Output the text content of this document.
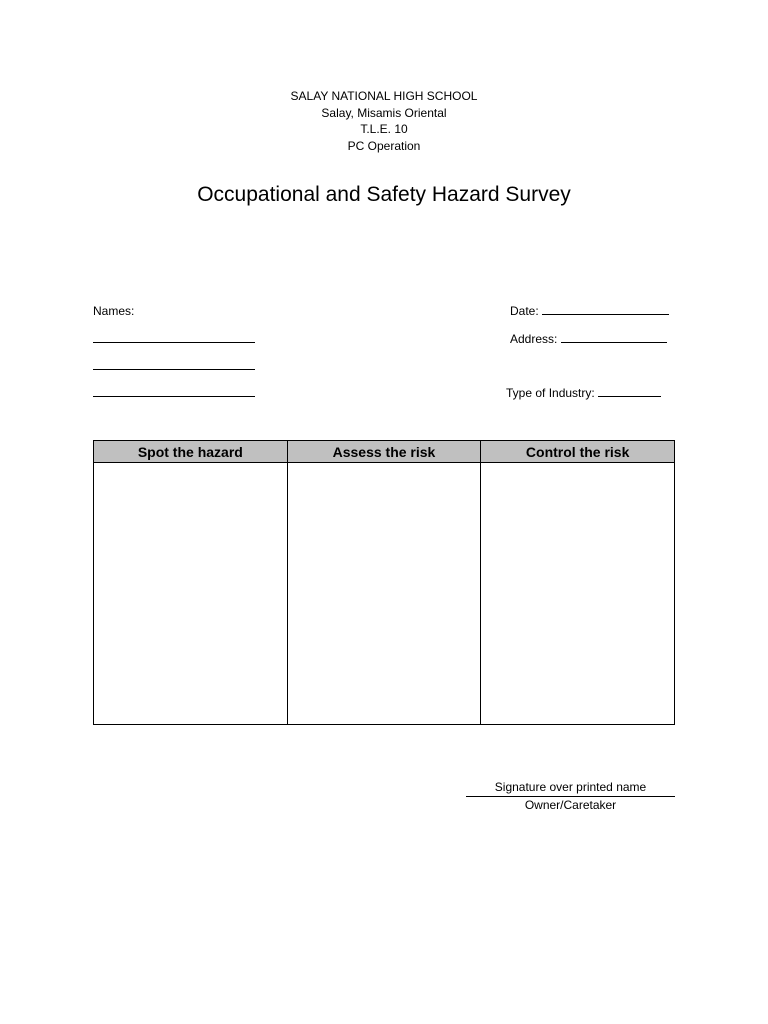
SALAY NATIONAL HIGH SCHOOL
Salay, Misamis Oriental
T.L.E. 10
PC Operation
Occupational and Safety Hazard Survey
Names:	Date:
Address:
Type of Industry:
Spot the hazard	Assess the risk	Control the risk

Signature over printed name
Owner/Caretaker
